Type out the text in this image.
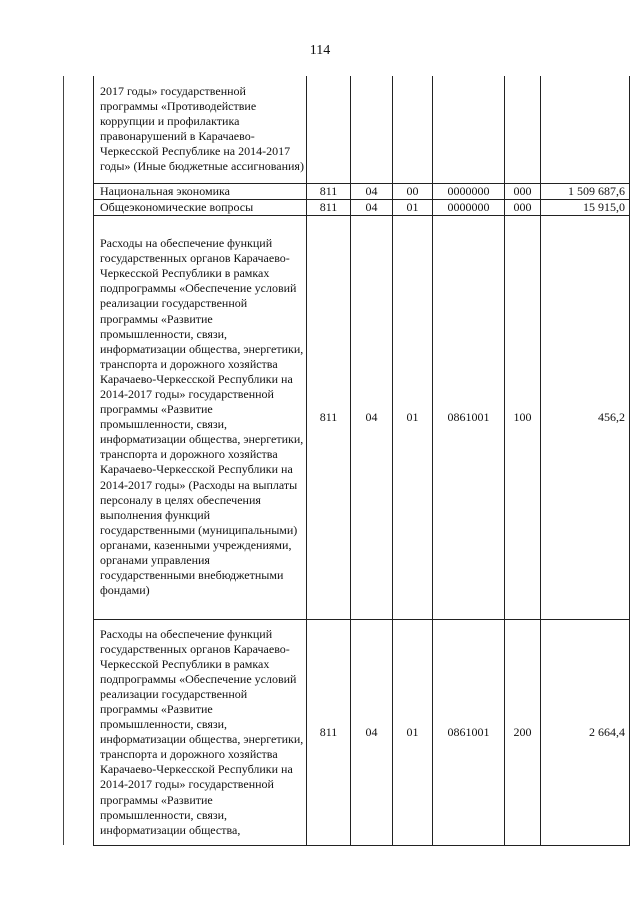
114
2017 годы» государственной программы «Противодействие коррупции и профилактика правонарушений в Карачаево-Черкесской Республике на 2014-2017 годы» (Иные бюджетные ассигнования)						
Национальная экономика	811	04	00	0000000	000	1 509 687,6
Общеэкономические вопросы	811	04	01	0000000	000	15 915,0
Расходы на обеспечение функций государственных органов Карачаево-Черкесской Республики в рамках подпрограммы «Обеспечение условий реализации государственной программы «Развитие промышленности, связи, информатизации общества, энергетики, транспорта и дорожного хозяйства Карачаево-Черкесской Республики на 2014-2017 годы» государственной программы «Развитие промышленности, связи, информатизации общества, энергетики, транспорта и дорожного хозяйства Карачаево-Черкесской Республики на 2014-2017 годы» (Расходы на выплаты персоналу в целях обеспечения выполнения функций государственными (муниципальными) органами, казенными учреждениями, органами управления государственными внебюджетными фондами)	811	04	01	0861001	100	456,2
Расходы на обеспечение функций государственных органов Карачаево-Черкесской Республики в рамках подпрограммы «Обеспечение условий реализации государственной программы «Развитие промышленности, связи, информатизации общества, энергетики, транспорта и дорожного хозяйства Карачаево-Черкесской Республики на 2014-2017 годы» государственной программы «Развитие промышленности, связи, информатизации общества,	811	04	01	0861001	200	2 664,4
